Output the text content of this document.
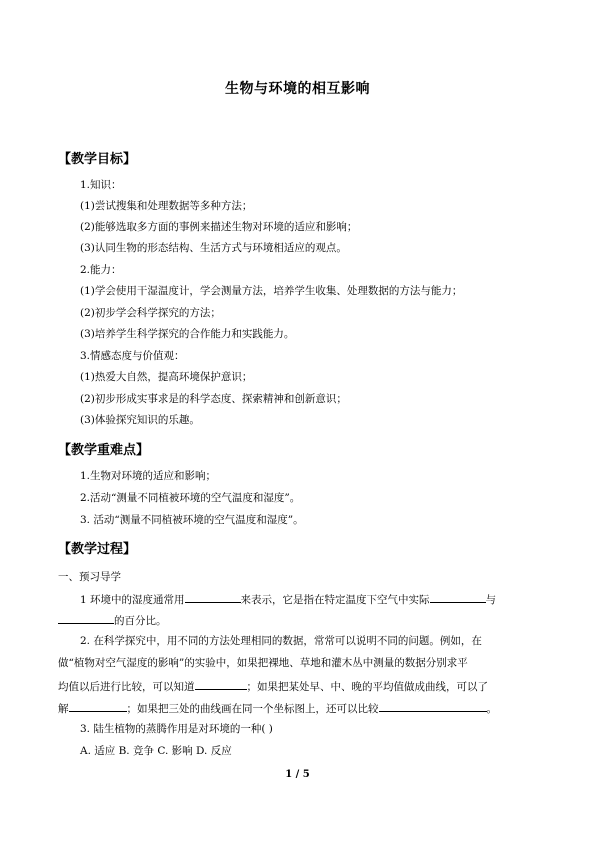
生物与环境的相互影响
【教学目标】
1.知识：
(1)尝试搜集和处理数据等多种方法；
(2)能够选取多方面的事例来描述生物对环境的适应和影响；
(3)认同生物的形态结构、生活方式与环境相适应的观点。
2.能力：
(1)学会使用干湿温度计，学会测量方法，培养学生收集、处理数据的方法与能力；
(2)初步学会科学探究的方法；
(3)培养学生科学探究的合作能力和实践能力。
3.情感态度与价值观：
(1)热爱大自然，提高环境保护意识；
(2)初步形成实事求是的科学态度、探索精神和创新意识；
(3)体验探究知识的乐趣。
【教学重难点】
1.生物对环境的适应和影响；
2.活动“测量不同植被环境的空气温度和湿度”。
3. 活动“测量不同植被环境的空气温度和湿度”。
【教学过程】
一、预习导学
1 环境中的湿度通常用	来表示，它是指在特定温度下空气中实际	与
的百分比。
2. 在科学探究中，用不同的方法处理相同的数据，常常可以说明不同的问题。例如，在
做“植物对空气湿度的影响”的实验中，如果把裸地、草地和灌木丛中测量的数据分别求平
均值以后进行比较，可以知道	；如果把某处早、中、晚的平均值做成曲线，可以了
解	；如果把三处的曲线画在同一个坐标图上，还可以比较	。
3. 陆生植物的蒸腾作用是对环境的一种( )
A. 适应 B. 竞争 C. 影响 D. 反应
1 / 5
